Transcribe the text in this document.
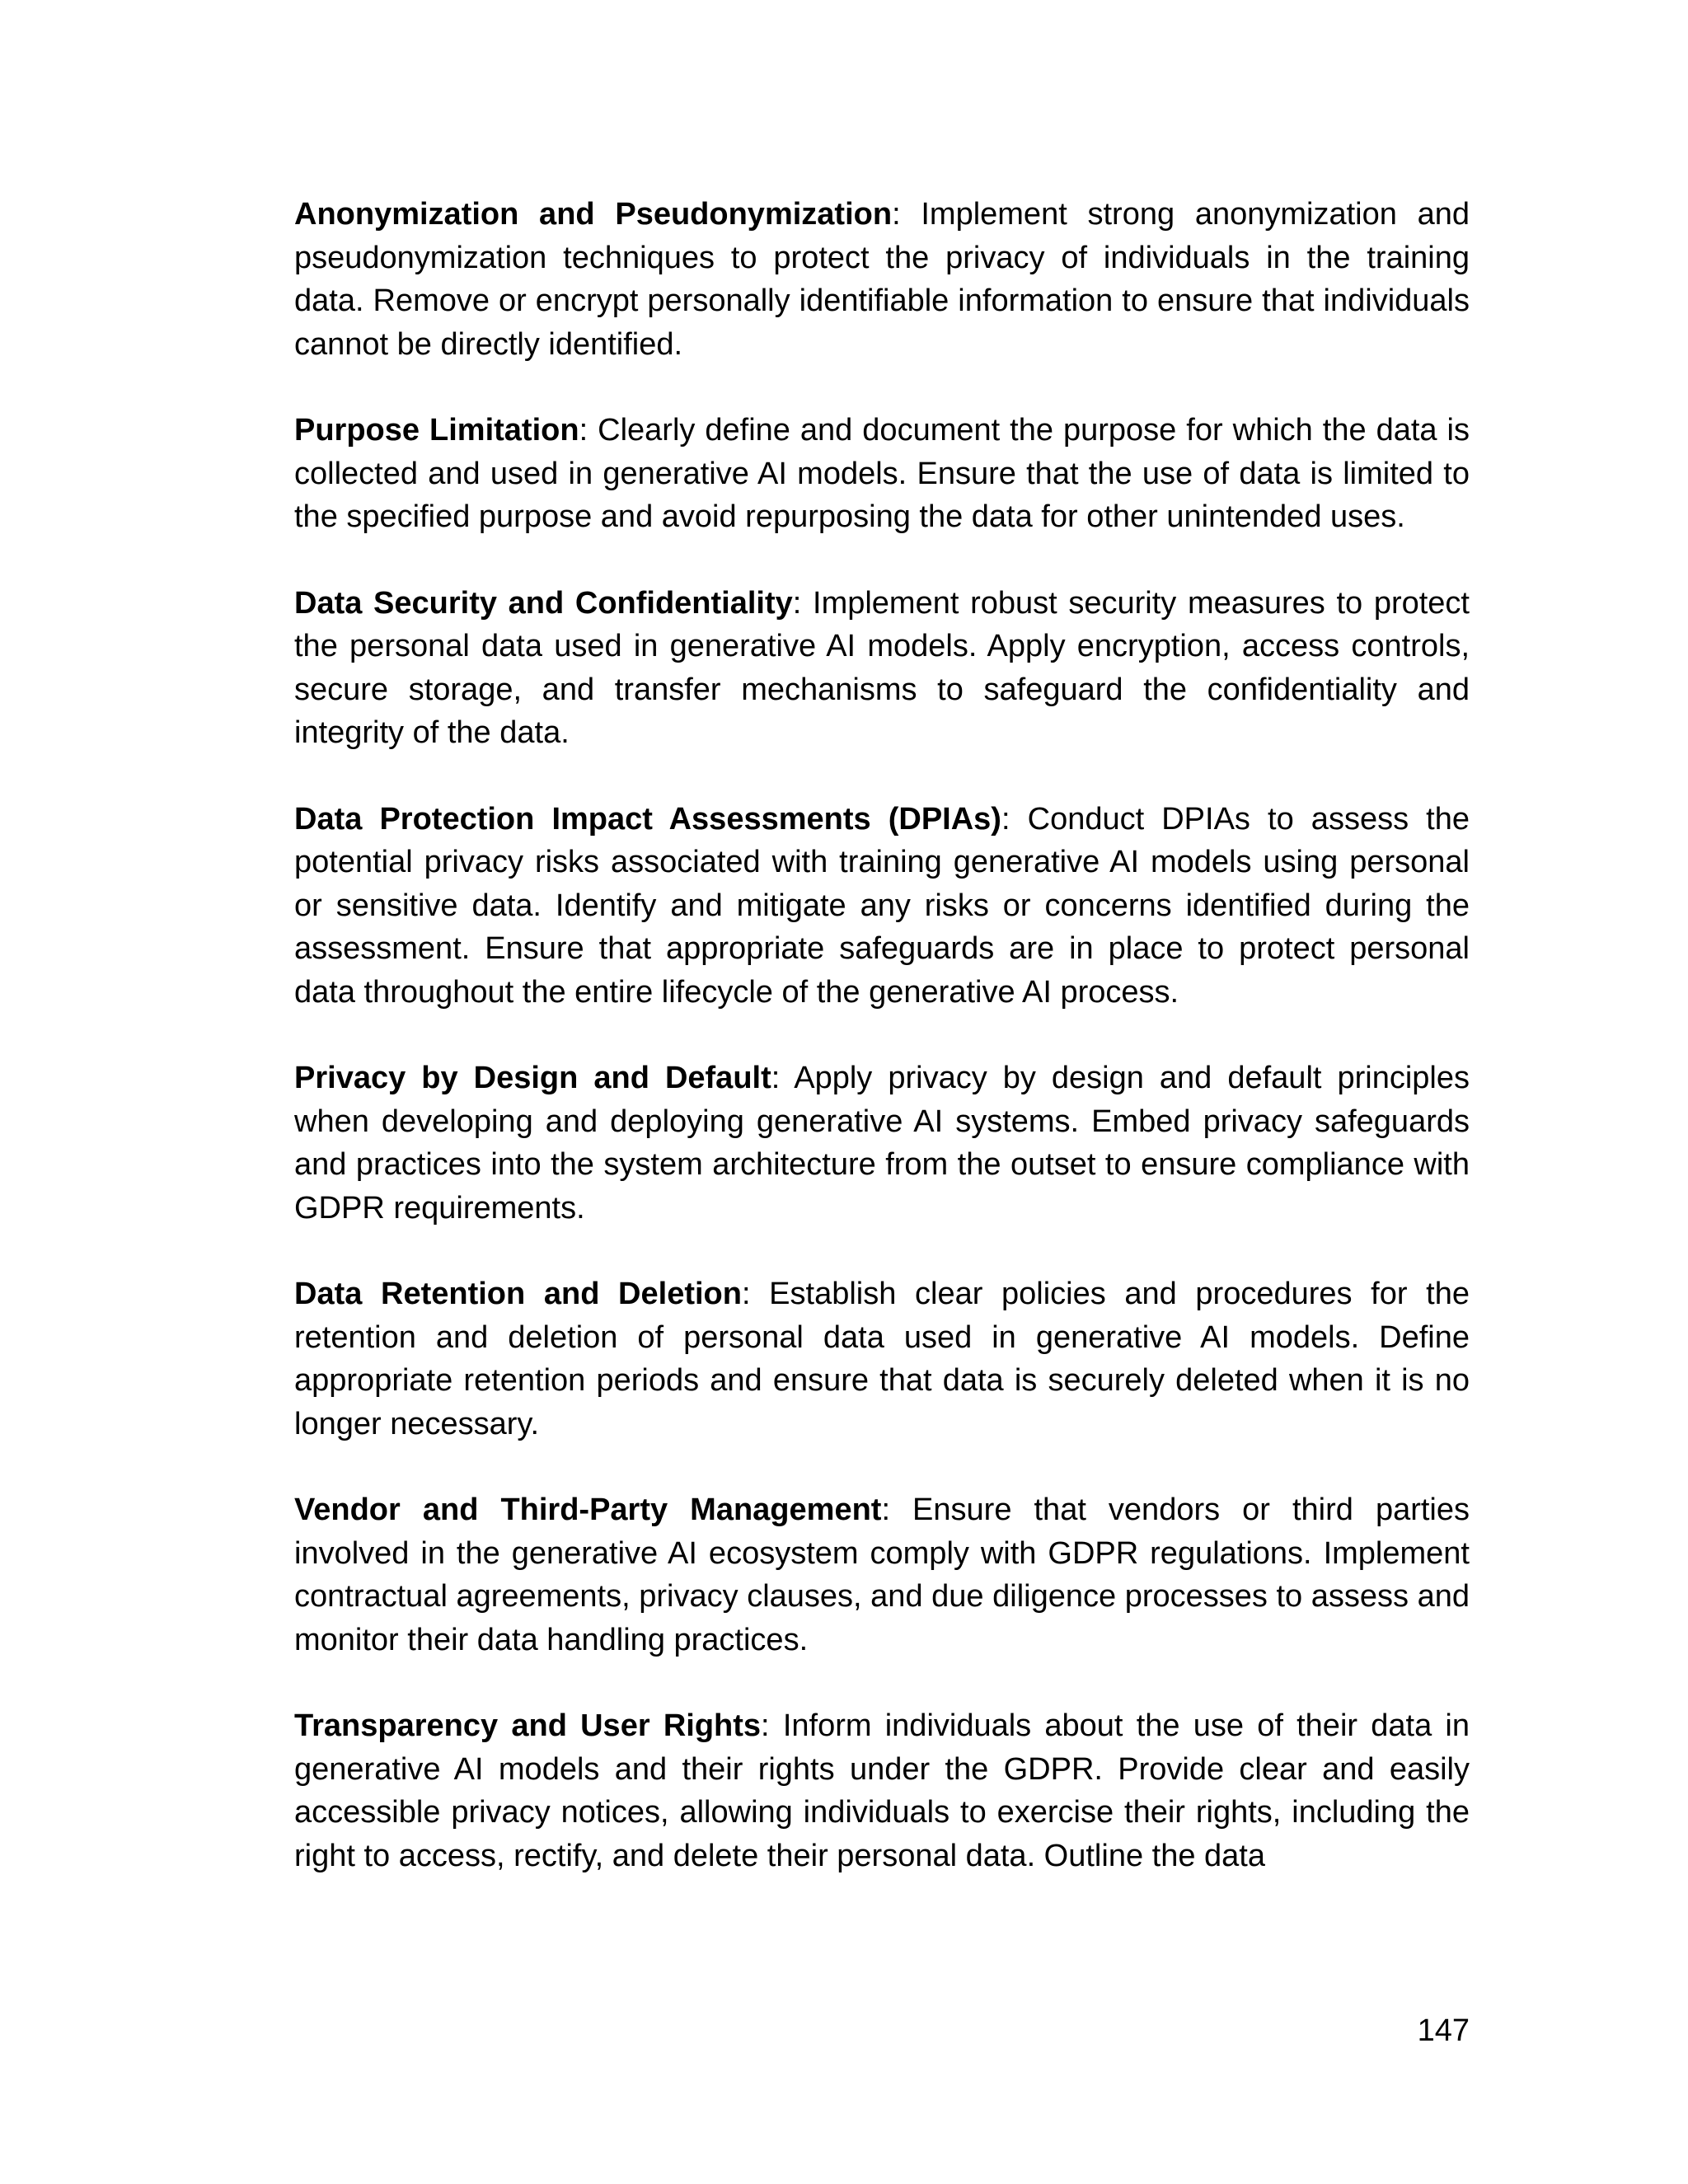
Anonymization and Pseudonymization: Implement strong anonymization and pseudonymization techniques to protect the privacy of individuals in the training data. Remove or encrypt personally identifiable information to ensure that individuals cannot be directly identified.

Purpose Limitation: Clearly define and document the purpose for which the data is collected and used in generative AI models. Ensure that the use of data is limited to the specified purpose and avoid repurposing the data for other unintended uses.

Data Security and Confidentiality: Implement robust security measures to protect the personal data used in generative AI models. Apply encryption, access controls, secure storage, and transfer mechanisms to safeguard the confidentiality and integrity of the data.

Data Protection Impact Assessments (DPIAs): Conduct DPIAs to assess the potential privacy risks associated with training generative AI models using personal or sensitive data. Identify and mitigate any risks or concerns identified during the assessment. Ensure that appropriate safeguards are in place to protect personal data throughout the entire lifecycle of the generative AI process.

Privacy by Design and Default: Apply privacy by design and default principles when developing and deploying generative AI systems. Embed privacy safeguards and practices into the system architecture from the outset to ensure compliance with GDPR requirements.

Data Retention and Deletion: Establish clear policies and procedures for the retention and deletion of personal data used in generative AI models. Define appropriate retention periods and ensure that data is securely deleted when it is no longer necessary.

Vendor and Third-Party Management: Ensure that vendors or third parties involved in the generative AI ecosystem comply with GDPR regulations. Implement contractual agreements, privacy clauses, and due diligence processes to assess and monitor their data handling practices.

Transparency and User Rights: Inform individuals about the use of their data in generative AI models and their rights under the GDPR. Provide clear and easily accessible privacy notices, allowing individuals to exercise their rights, including the right to access, rectify, and delete their personal data. Outline the data

147
